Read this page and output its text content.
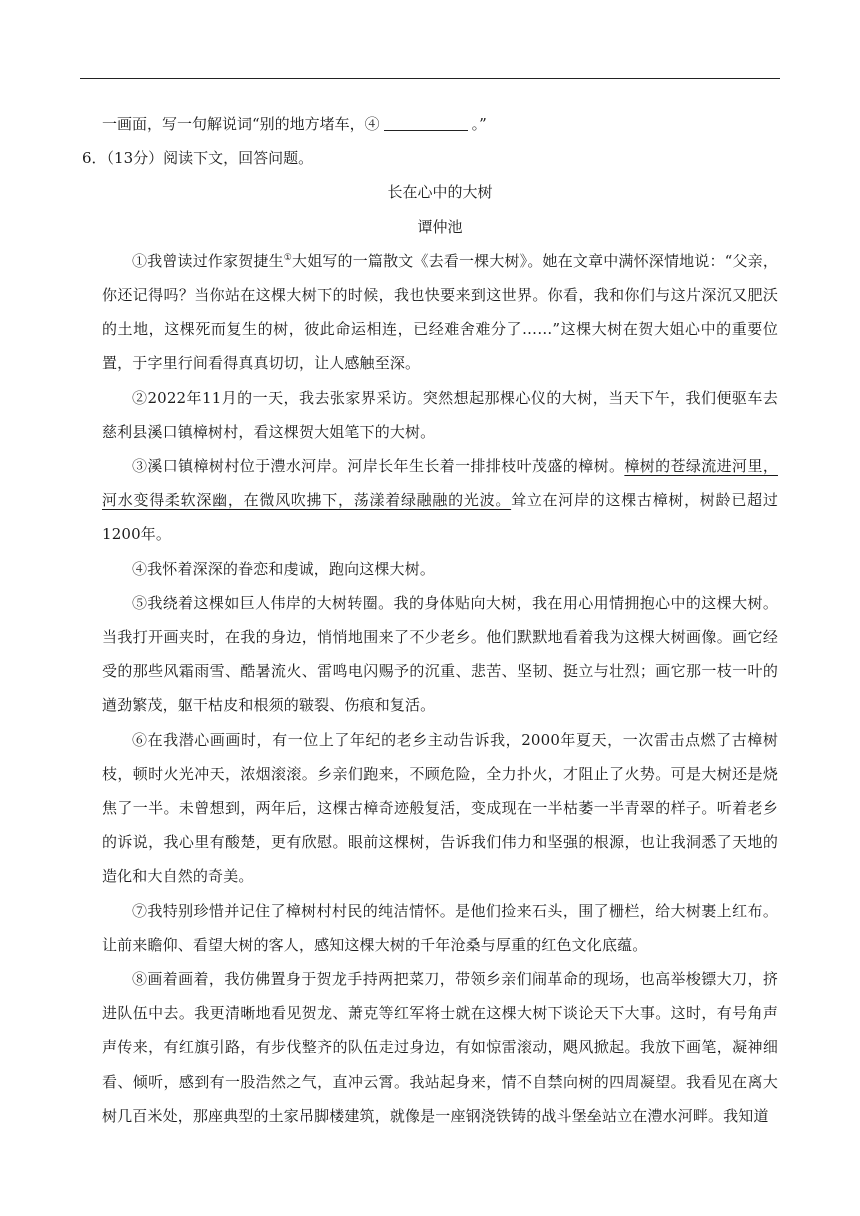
一画面，写一句解说词“别的地方堵车，④	。”

6．（13分）阅读下文，回答问题。

长在心中的大树

谭仲池

①我曾读过作家贺捷生①大姐写的一篇散文《去看一棵大树》。她在文章中满怀深情地说：“父亲，你还记得吗？当你站在这棵大树下的时候，我也快要来到这世界。你看，我和你们与这片深沉又肥沃的土地，这棵死而复生的树，彼此命运相连，已经难舍难分了……”这棵大树在贺大姐心中的重要位置，于字里行间看得真真切切，让人感触至深。

②2022年11月的一天，我去张家界采访。突然想起那棵心仪的大树，当天下午，我们便驱车去慈利县溪口镇樟树村，看这棵贺大姐笔下的大树。

③溪口镇樟树村位于澧水河岸。河岸长年生长着一排排枝叶茂盛的樟树。樟树的苍绿流进河里，河水变得柔软深幽，在微风吹拂下，荡漾着绿融融的光波。耸立在河岸的这棵古樟树，树龄已超过1200年。

④我怀着深深的眷恋和虔诚，跑向这棵大树。

⑤我绕着这棵如巨人伟岸的大树转圈。我的身体贴向大树，我在用心用情拥抱心中的这棵大树。当我打开画夹时，在我的身边，悄悄地围来了不少老乡。他们默默地看着我为这棵大树画像。画它经受的那些风霜雨雪、酷暑流火、雷鸣电闪赐予的沉重、悲苦、坚韧、挺立与壮烈；画它那一枝一叶的遒劲繁茂，躯干枯皮和根须的皲裂、伤痕和复活。

⑥在我潜心画画时，有一位上了年纪的老乡主动告诉我，2000年夏天，一次雷击点燃了古樟树枝，顿时火光冲天，浓烟滚滚。乡亲们跑来，不顾危险，全力扑火，才阻止了火势。可是大树还是烧焦了一半。未曾想到，两年后，这棵古樟奇迹般复活，变成现在一半枯萎一半青翠的样子。听着老乡的诉说，我心里有酸楚，更有欣慰。眼前这棵树，告诉我们伟力和坚强的根源，也让我洞悉了天地的造化和大自然的奇美。

⑦我特别珍惜并记住了樟树村村民的纯洁情怀。是他们捡来石头，围了栅栏，给大树裹上红布。让前来瞻仰、看望大树的客人，感知这棵大树的千年沧桑与厚重的红色文化底蕴。

⑧画着画着，我仿佛置身于贺龙手持两把菜刀，带领乡亲们闹革命的现场，也高举梭镖大刀，挤进队伍中去。我更清晰地看见贺龙、萧克等红军将士就在这棵大树下谈论天下大事。这时，有号角声声传来，有红旗引路，有步伐整齐的队伍走过身边，有如惊雷滚动，飓风掀起。我放下画笔，凝神细看、倾听，感到有一股浩然之气，直冲云霄。我站起身来，情不自禁向树的四周凝望。我看见在离大树几百米处，那座典型的土家吊脚楼建筑，就像是一座钢浇铁铸的战斗堡垒站立在澧水河畔。我知道
